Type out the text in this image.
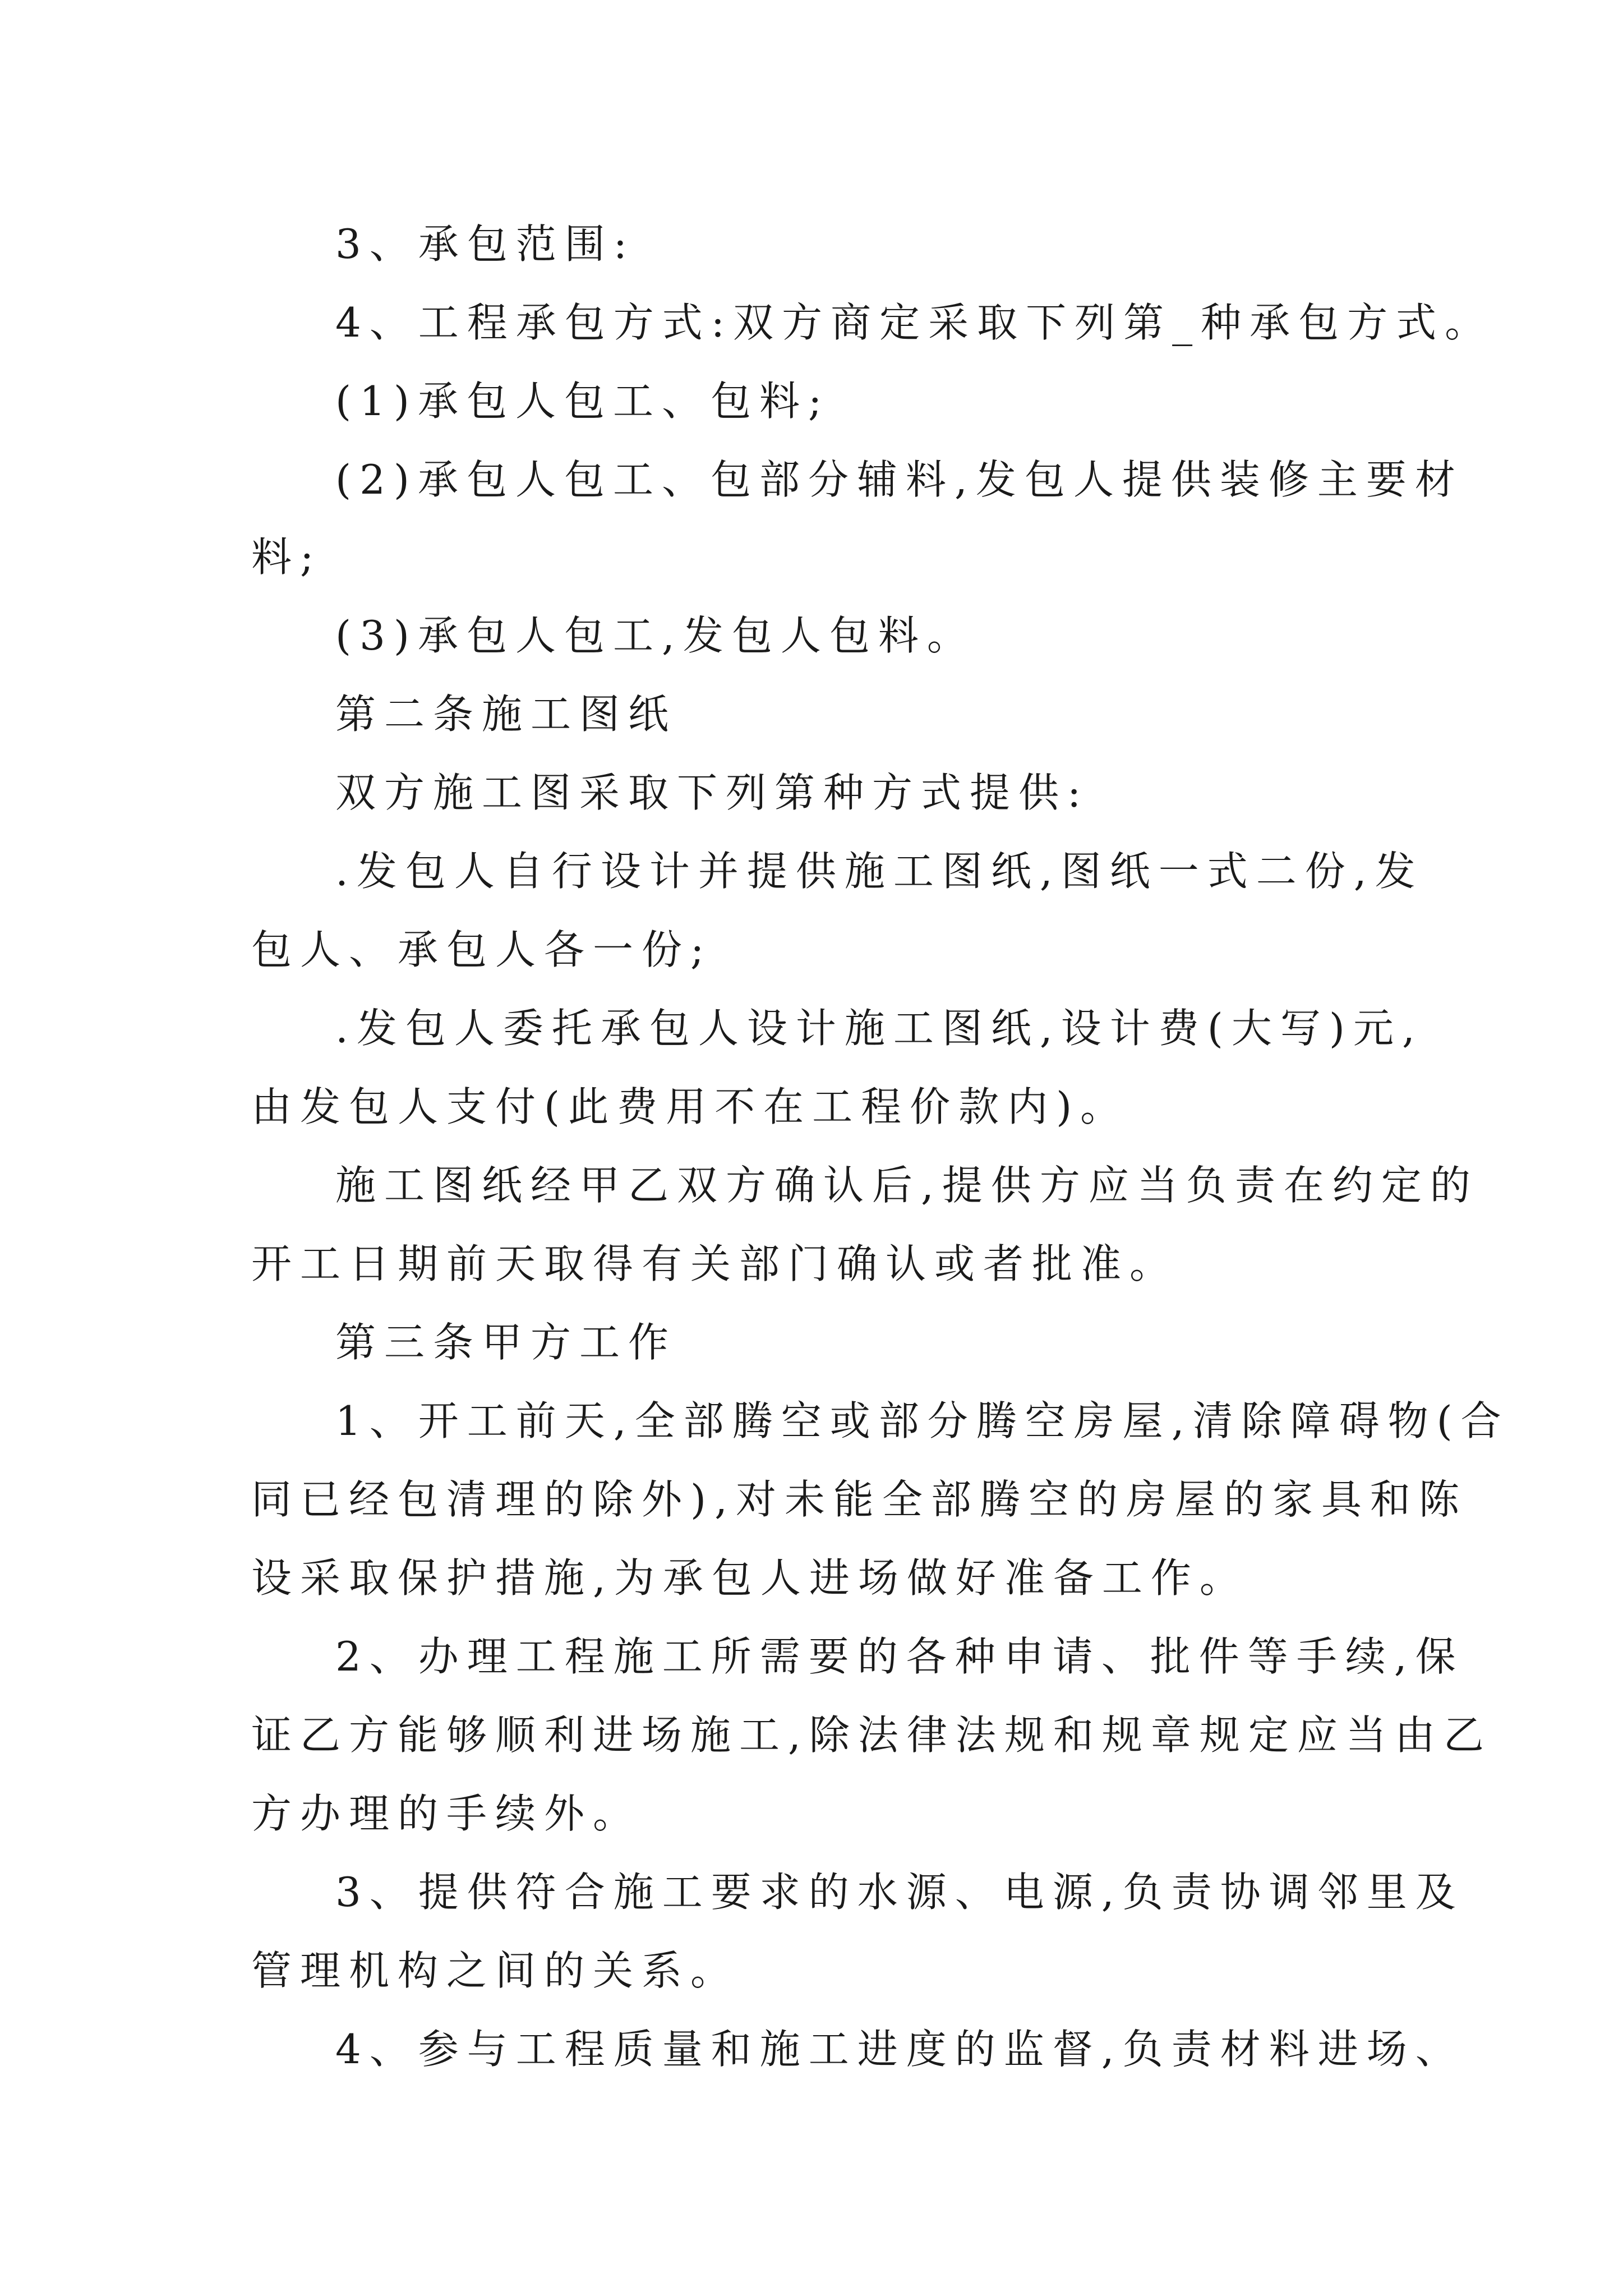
3、承包范围:
4、工程承包方式:双方商定采取下列第_种承包方式。
(1)承包人包工、包料;
(2)承包人包工、包部分辅料,发包人提供装修主要材
料;
(3)承包人包工,发包人包料。
第二条施工图纸
双方施工图采取下列第种方式提供:
.发包人自行设计并提供施工图纸,图纸一式二份,发
包人、承包人各一份;
.发包人委托承包人设计施工图纸,设计费(大写)元,
由发包人支付(此费用不在工程价款内)。
施工图纸经甲乙双方确认后,提供方应当负责在约定的
开工日期前天取得有关部门确认或者批准。
第三条甲方工作
1、开工前天,全部腾空或部分腾空房屋,清除障碍物(合
同已经包清理的除外),对未能全部腾空的房屋的家具和陈
设采取保护措施,为承包人进场做好准备工作。
2、办理工程施工所需要的各种申请、批件等手续,保
证乙方能够顺利进场施工,除法律法规和规章规定应当由乙
方办理的手续外。
3、提供符合施工要求的水源、电源,负责协调邻里及
管理机构之间的关系。
4、参与工程质量和施工进度的监督,负责材料进场、
